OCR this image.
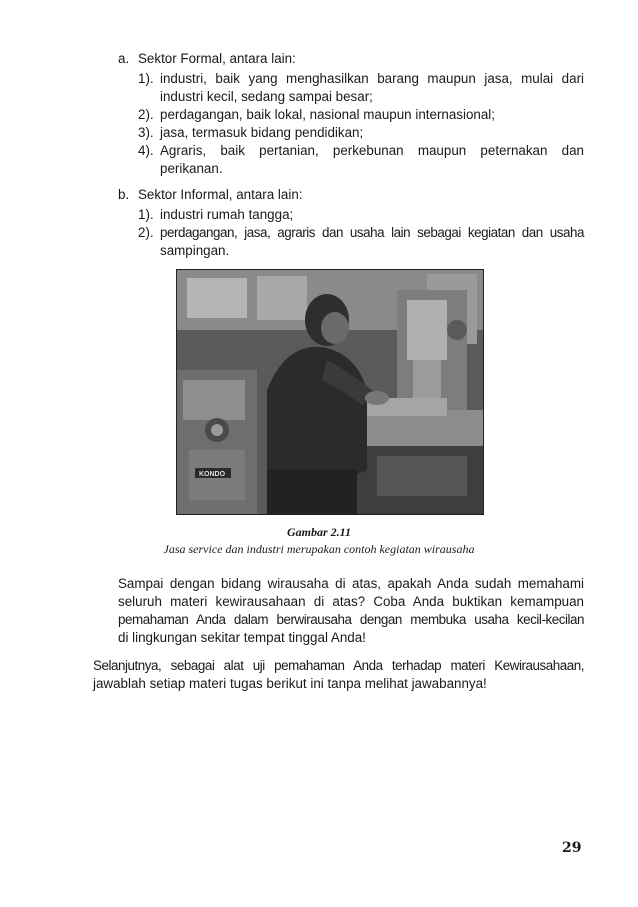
a. Sektor Formal, antara lain:
1). industri, baik yang menghasilkan barang maupun jasa, mulai dari
industri kecil, sedang sampai besar;
2). perdagangan, baik lokal, nasional maupun internasional;
3). jasa, termasuk bidang pendidikan;
4). Agraris, baik pertanian, perkebunan maupun peternakan dan
perikanan.
b. Sektor Informal, antara lain:
1). industri rumah tangga;
2). perdagangan, jasa, agraris dan usaha lain sebagai kegiatan dan usaha
sampingan.
KONDO
Gambar 2.11
Jasa service dan industri merupakan contoh kegiatan wirausaha
Sampai dengan bidang wirausaha di atas, apakah Anda sudah memahami
seluruh materi kewirausahaan di atas? Coba Anda buktikan kemampuan
pemahaman Anda dalam berwirausaha dengan membuka usaha kecil-kecilan
di lingkungan sekitar tempat tinggal Anda!
Selanjutnya, sebagai alat uji pemahaman Anda terhadap materi Kewirausahaan,
jawablah setiap materi tugas berikut ini tanpa melihat jawabannya!
29
